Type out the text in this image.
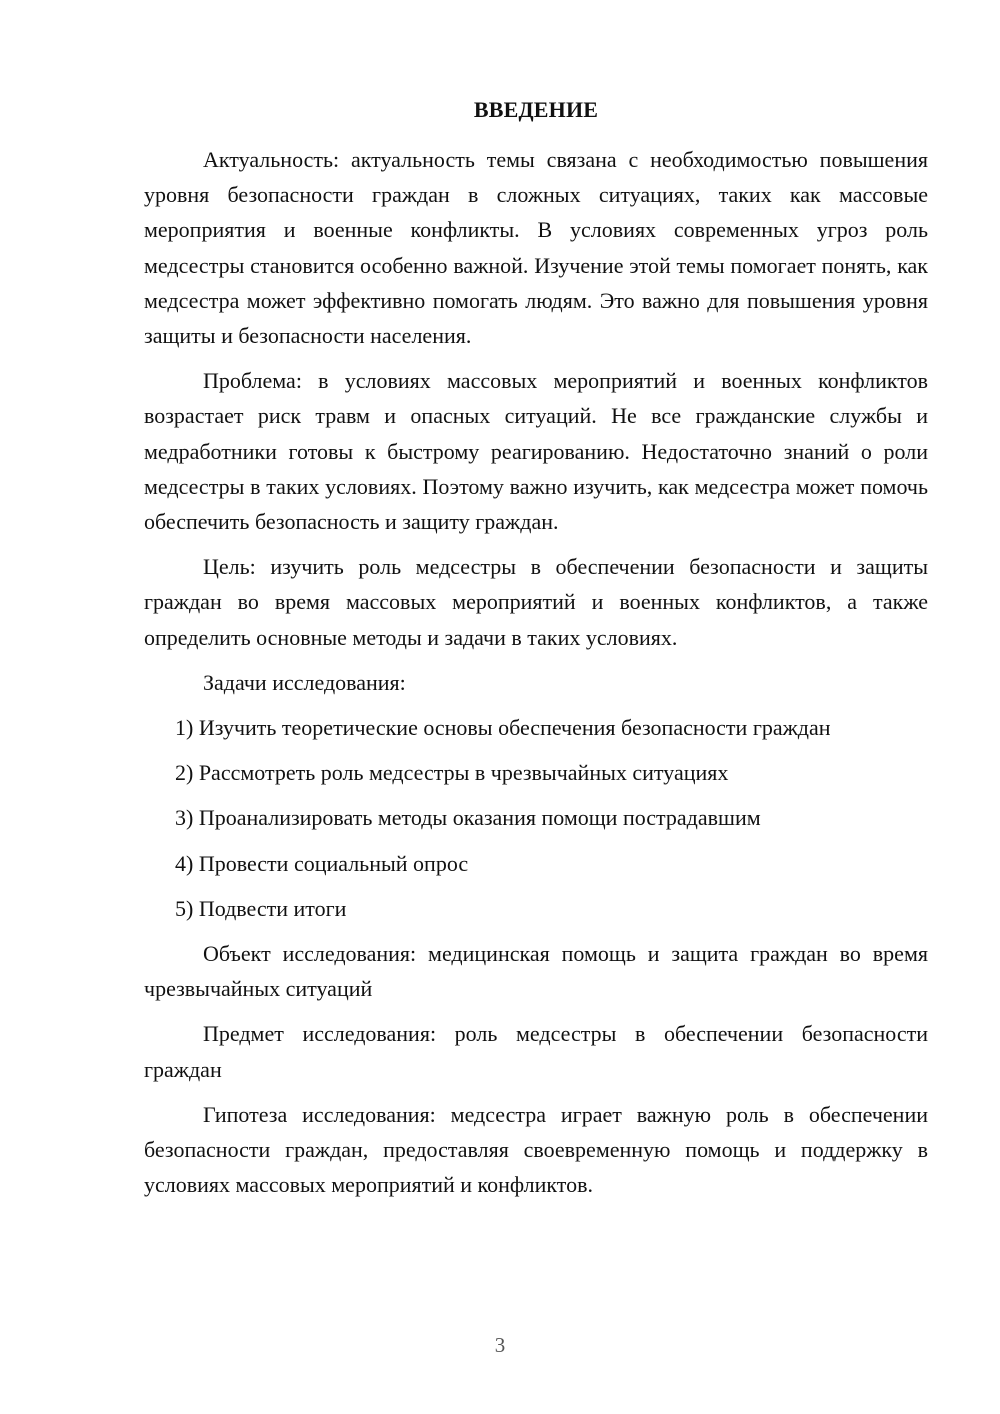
ВВЕДЕНИЕ

Актуальность: актуальность темы связана с необходимостью повышения уровня безопасности граждан в сложных ситуациях, таких как массовые мероприятия и военные конфликты. В условиях современных угроз роль медсестры становится особенно важной. Изучение этой темы помогает понять, как медсестра может эффективно помогать людям. Это важно для повышения уровня защиты и безопасности населения.

Проблема: в условиях массовых мероприятий и военных конфликтов возрастает риск травм и опасных ситуаций. Не все гражданские службы и медработники готовы к быстрому реагированию. Недостаточно знаний о роли медсестры в таких условиях. Поэтому важно изучить, как медсестра может помочь обеспечить безопасность и защиту граждан.

Цель: изучить роль медсестры в обеспечении безопасности и защиты граждан во время массовых мероприятий и военных конфликтов, а также определить основные методы и задачи в таких условиях.

Задачи исследования:

1) Изучить теоретические основы обеспечения безопасности граждан
2) Рассмотреть роль медсестры в чрезвычайных ситуациях
3) Проанализировать методы оказания помощи пострадавшим
4) Провести социальный опрос
5) Подвести итоги

Объект исследования: медицинская помощь и защита граждан во время чрезвычайных ситуаций

Предмет исследования: роль медсестры в обеспечении безопасности граждан

Гипотеза исследования: медсестра играет важную роль в обеспечении безопасности граждан, предоставляя своевременную помощь и поддержку в условиях массовых мероприятий и конфликтов.

3
